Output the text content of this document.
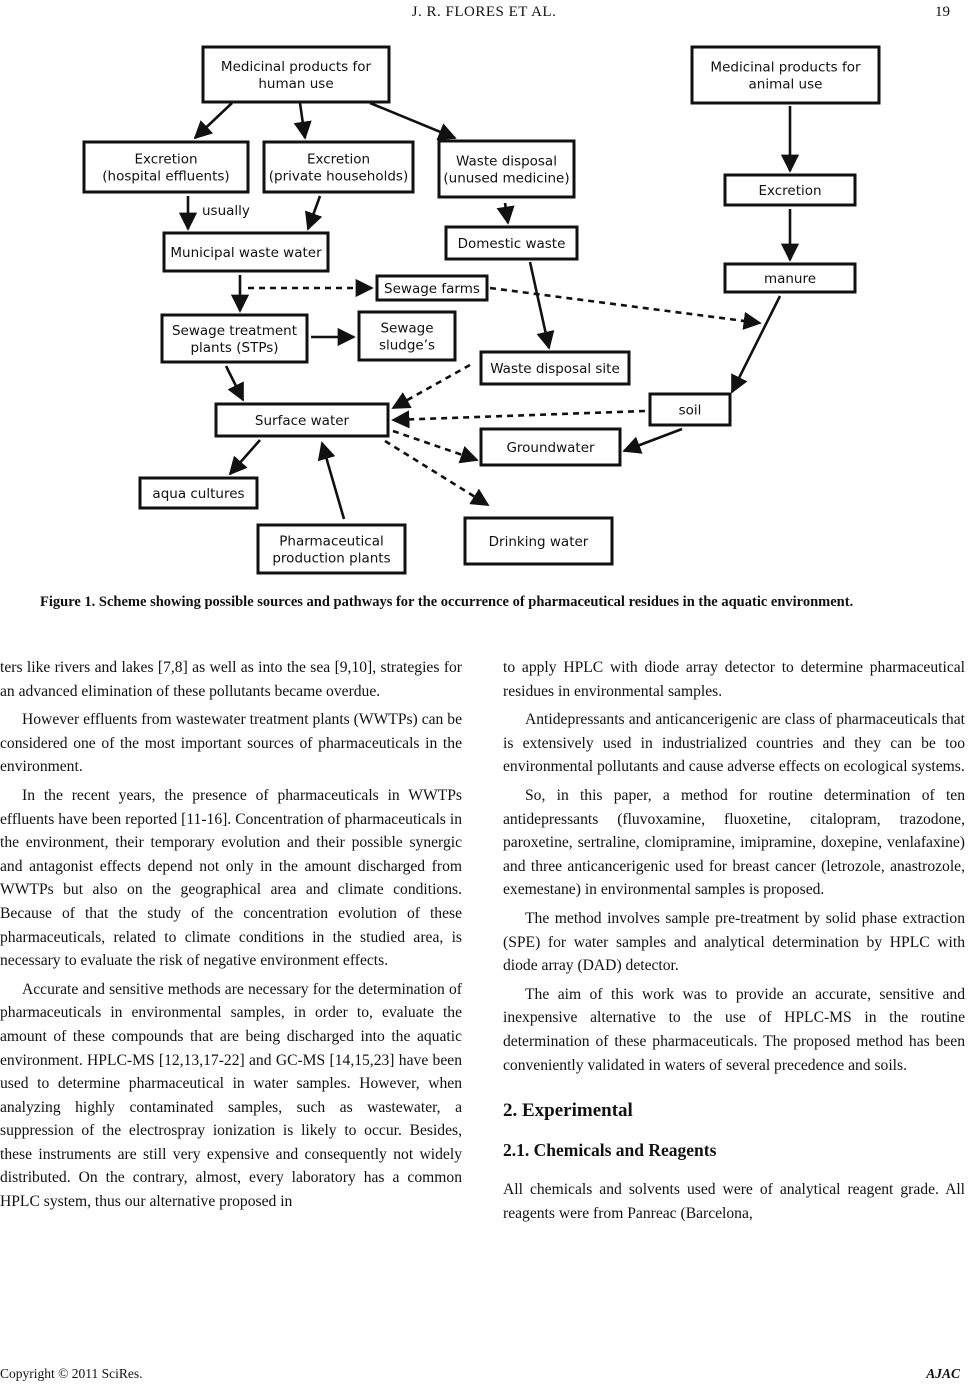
J. R. FLORES ET AL.	19
Medicinal products for
human use
Medicinal products for
animal use
Excretion
(hospital effluents)
Excretion
(private households)
Waste disposal
(unused medicine)
Excretion
Municipal waste water
Domestic waste
manure
Sewage farms
Sewage treatment
plants (STPs)
Sewage
sludge’s
Waste disposal site
soil
Surface water
Groundwater
aqua cultures
Pharmaceutical
production plants
Drinking water
usually
Figure 1. Scheme showing possible sources and pathways for the occurrence of pharmaceutical residues in the aquatic environment.

ters like rivers and lakes [7,8] as well as into the sea [9,10], strategies for an advanced elimination of these pollutants became overdue.

However effluents from wastewater treatment plants (WWTPs) can be considered one of the most important sources of pharmaceuticals in the environment.

In the recent years, the presence of pharmaceuticals in WWTPs effluents have been reported [11-16]. Concentration of pharmaceuticals in the environment, their temporary evolution and their possible synergic and antagonist effects depend not only in the amount discharged from WWTPs but also on the geographical area and climate conditions. Because of that the study of the concentration evolution of these pharmaceuticals, related to climate conditions in the studied area, is necessary to evaluate the risk of negative environment effects.

Accurate and sensitive methods are necessary for the determination of pharmaceuticals in environmental samples, in order to, evaluate the amount of these compounds that are being discharged into the aquatic environment. HPLC-MS [12,13,17-22] and GC-MS [14,15,23] have been used to determine pharmaceutical in water samples. However, when analyzing highly contaminated samples, such as wastewater, a suppression of the electrospray ionization is likely to occur. Besides, these instruments are still very expensive and consequently not widely distributed. On the contrary, almost, every laboratory has a common HPLC system, thus our alternative proposed in

to apply HPLC with diode array detector to determine pharmaceutical residues in environmental samples.

Antidepressants and anticancerigenic are class of pharmaceuticals that is extensively used in industrialized countries and they can be too environmental pollutants and cause adverse effects on ecological systems.

So, in this paper, a method for routine determination of ten antidepressants (fluvoxamine, fluoxetine, citalopram, trazodone, paroxetine, sertraline, clomipramine, imipramine, doxepine, venlafaxine) and three anticancerigenic used for breast cancer (letrozole, anastrozole, exemestane) in environmental samples is proposed.

The method involves sample pre-treatment by solid phase extraction (SPE) for water samples and analytical determination by HPLC with diode array (DAD) detector.

The aim of this work was to provide an accurate, sensitive and inexpensive alternative to the use of HPLC-MS in the routine determination of these pharmaceuticals. The proposed method has been conveniently validated in waters of several precedence and soils.

2. Experimental
2.1. Chemicals and Reagents

All chemicals and solvents used were of analytical reagent grade. All reagents were from Panreac (Barcelona,

Copyright © 2011 SciRes.	AJAC
